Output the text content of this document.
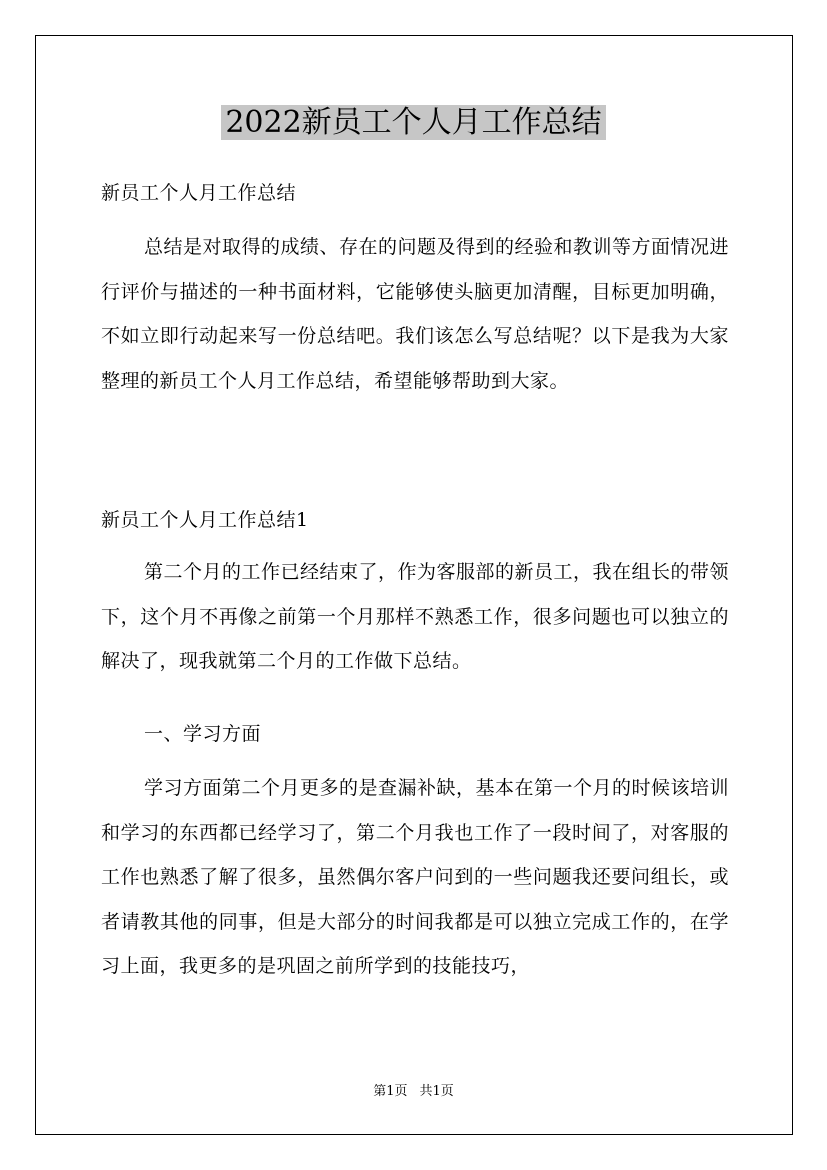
2022新员工个人月工作总结
新员工个人月工作总结
总结是对取得的成绩、存在的问题及得到的经验和教训等方面情况进行评价与描述的一种书面材料，它能够使头脑更加清醒，目标更加明确，不如立即行动起来写一份总结吧。我们该怎么写总结呢？以下是我为大家整理的新员工个人月工作总结，希望能够帮助到大家。
新员工个人月工作总结1
第二个月的工作已经结束了，作为客服部的新员工，我在组长的带领下，这个月不再像之前第一个月那样不熟悉工作，很多问题也可以独立的解决了，现我就第二个月的工作做下总结。
一、学习方面
学习方面第二个月更多的是查漏补缺，基本在第一个月的时候该培训和学习的东西都已经学习了，第二个月我也工作了一段时间了，对客服的工作也熟悉了解了很多，虽然偶尔客户问到的一些问题我还要问组长，或者请教其他的同事，但是大部分的时间我都是可以独立完成工作的，在学习上面，我更多的是巩固之前所学到的技能技巧，
第1页 共1页
